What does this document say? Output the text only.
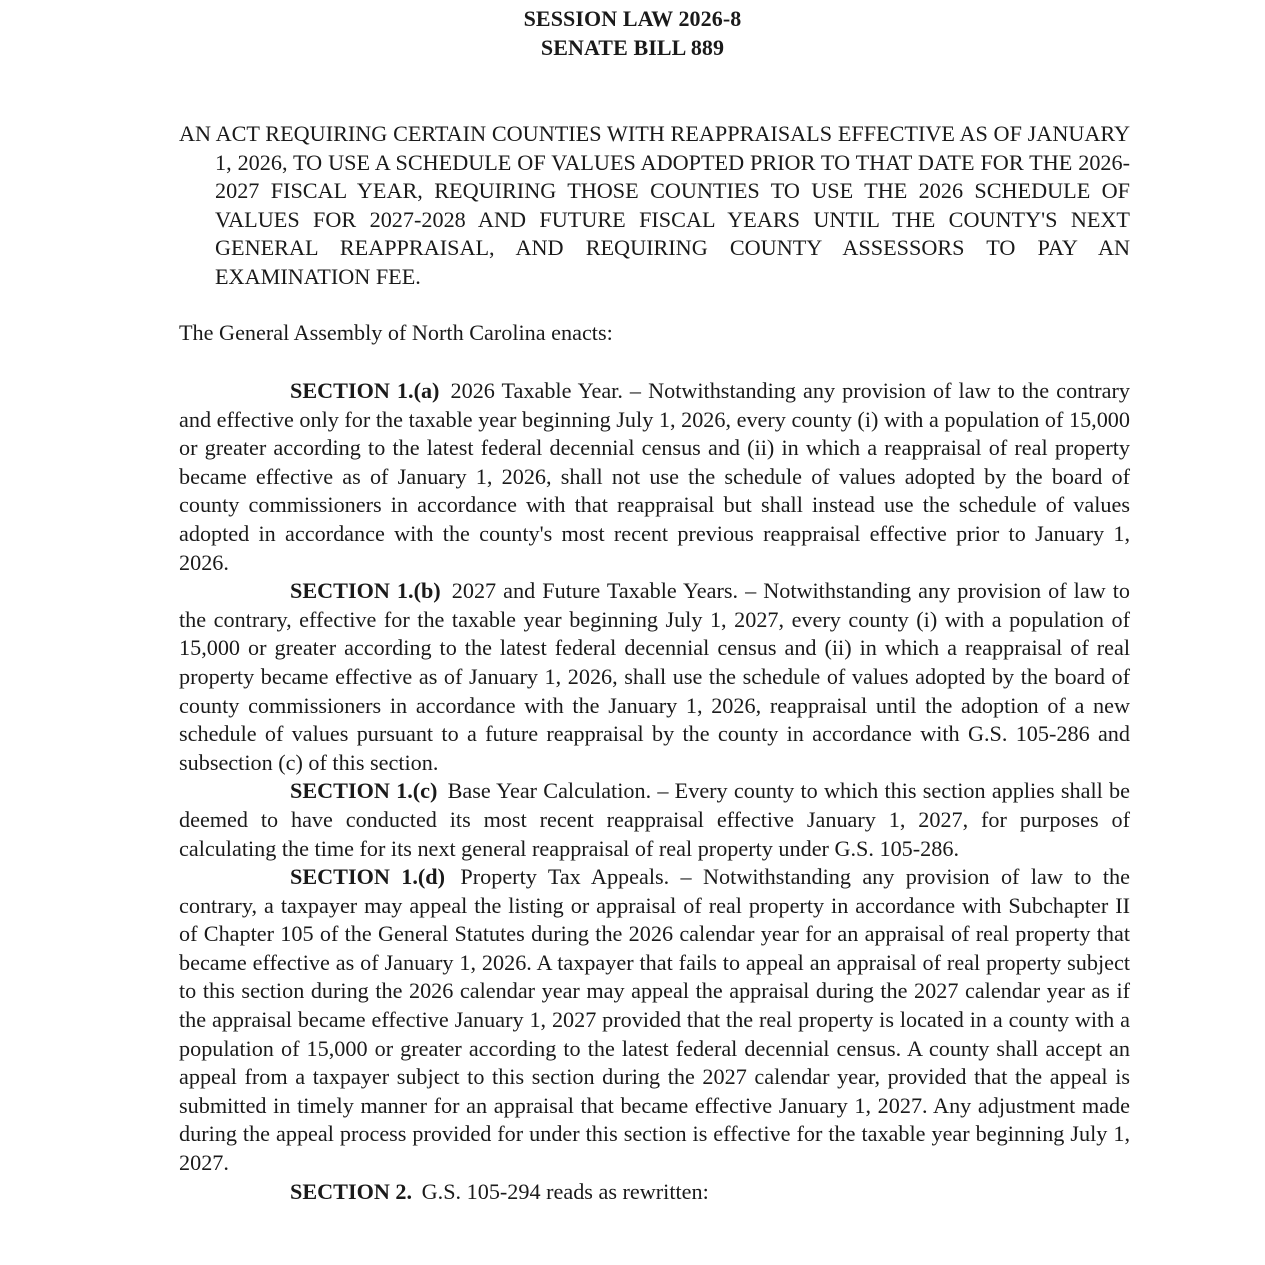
SESSION LAW 2026-8
SENATE BILL 889
AN ACT REQUIRING CERTAIN COUNTIES WITH REAPPRAISALS EFFECTIVE AS OF JANUARY 1, 2026, TO USE A SCHEDULE OF VALUES ADOPTED PRIOR TO THAT DATE FOR THE 2026-2027 FISCAL YEAR, REQUIRING THOSE COUNTIES TO USE THE 2026 SCHEDULE OF VALUES FOR 2027-2028 AND FUTURE FISCAL YEARS UNTIL THE COUNTY'S NEXT GENERAL REAPPRAISAL, AND REQUIRING COUNTY ASSESSORS TO PAY AN EXAMINATION FEE.
The General Assembly of North Carolina enacts:

SECTION 1.(a) 2026 Taxable Year. – Notwithstanding any provision of law to the contrary and effective only for the taxable year beginning July 1, 2026, every county (i) with a population of 15,000 or greater according to the latest federal decennial census and (ii) in which a reappraisal of real property became effective as of January 1, 2026, shall not use the schedule of values adopted by the board of county commissioners in accordance with that reappraisal but shall instead use the schedule of values adopted in accordance with the county's most recent previous reappraisal effective prior to January 1, 2026.

SECTION 1.(b) 2027 and Future Taxable Years. – Notwithstanding any provision of law to the contrary, effective for the taxable year beginning July 1, 2027, every county (i) with a population of 15,000 or greater according to the latest federal decennial census and (ii) in which a reappraisal of real property became effective as of January 1, 2026, shall use the schedule of values adopted by the board of county commissioners in accordance with the January 1, 2026, reappraisal until the adoption of a new schedule of values pursuant to a future reappraisal by the county in accordance with G.S. 105-286 and subsection (c) of this section.

SECTION 1.(c) Base Year Calculation. – Every county to which this section applies shall be deemed to have conducted its most recent reappraisal effective January 1, 2027, for purposes of calculating the time for its next general reappraisal of real property under G.S. 105-286.

SECTION 1.(d) Property Tax Appeals. – Notwithstanding any provision of law to the contrary, a taxpayer may appeal the listing or appraisal of real property in accordance with Subchapter II of Chapter 105 of the General Statutes during the 2026 calendar year for an appraisal of real property that became effective as of January 1, 2026. A taxpayer that fails to appeal an appraisal of real property subject to this section during the 2026 calendar year may appeal the appraisal during the 2027 calendar year as if the appraisal became effective January 1, 2027 provided that the real property is located in a county with a population of 15,000 or greater according to the latest federal decennial census. A county shall accept an appeal from a taxpayer subject to this section during the 2027 calendar year, provided that the appeal is submitted in timely manner for an appraisal that became effective January 1, 2027. Any adjustment made during the appeal process provided for under this section is effective for the taxable year beginning July 1, 2027.

SECTION 2. G.S. 105-294 reads as rewritten:
